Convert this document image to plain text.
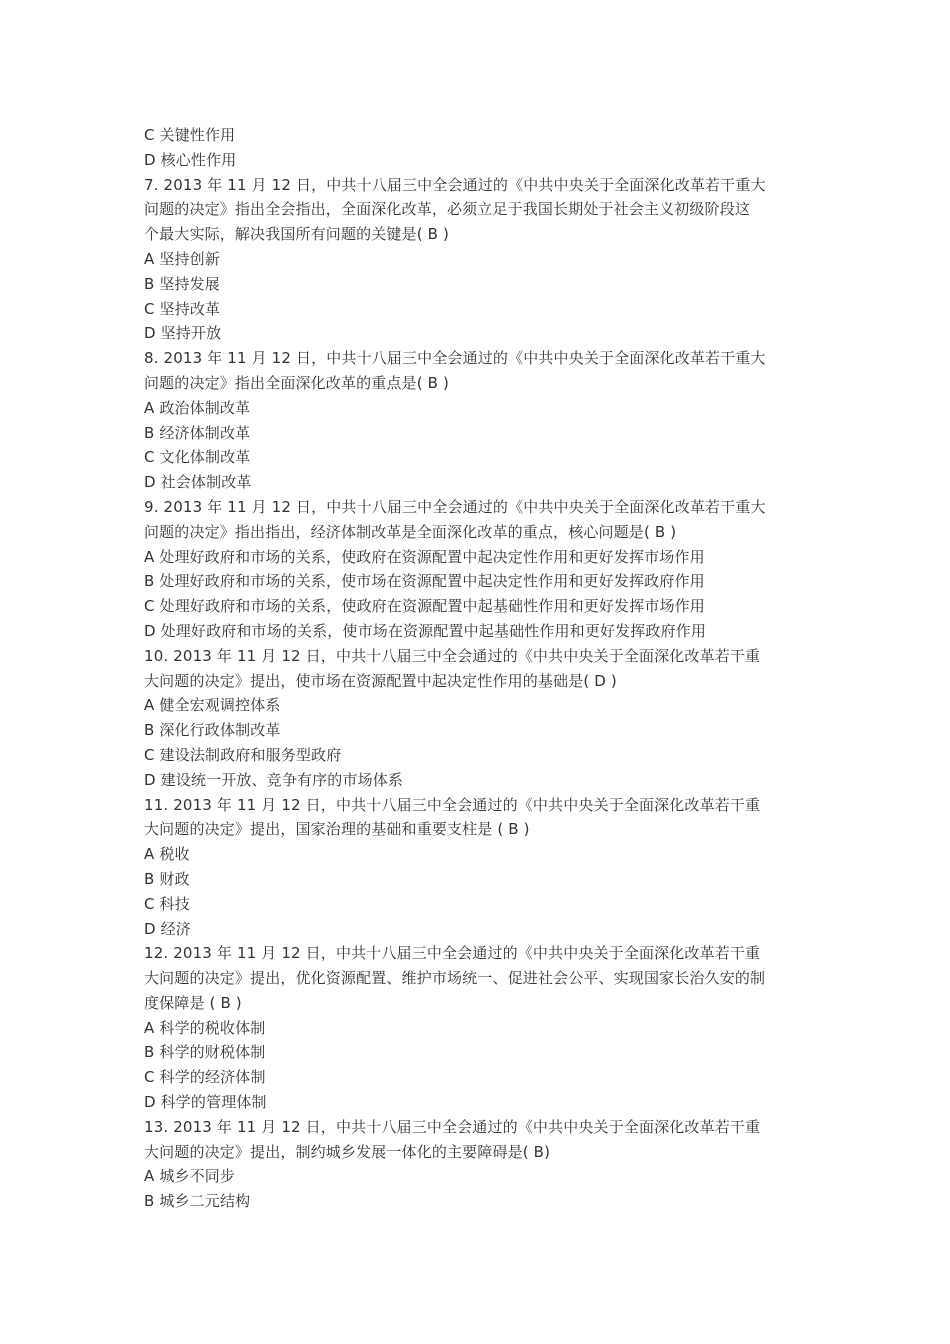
C 关键性作用
D 核心性作用
7. 2013 年 11 月 12 日，中共十八届三中全会通过的《中共中央关于全面深化改革若干重大
问题的决定》指出全会指出，全面深化改革，必须立足于我国长期处于社会主义初级阶段这
个最大实际，解决我国所有问题的关键是( B )
A 坚持创新
B 坚持发展
C 坚持改革
D 坚持开放
8. 2013 年 11 月 12 日，中共十八届三中全会通过的《中共中央关于全面深化改革若干重大
问题的决定》指出全面深化改革的重点是( B )
A 政治体制改革
B 经济体制改革
C 文化体制改革
D 社会体制改革
9. 2013 年 11 月 12 日，中共十八届三中全会通过的《中共中央关于全面深化改革若干重大
问题的决定》指出指出，经济体制改革是全面深化改革的重点，核心问题是( B )
A 处理好政府和市场的关系，使政府在资源配置中起决定性作用和更好发挥市场作用
B 处理好政府和市场的关系，使市场在资源配置中起决定性作用和更好发挥政府作用
C 处理好政府和市场的关系，使政府在资源配置中起基础性作用和更好发挥市场作用
D 处理好政府和市场的关系，使市场在资源配置中起基础性作用和更好发挥政府作用
10. 2013 年 11 月 12 日，中共十八届三中全会通过的《中共中央关于全面深化改革若干重
大问题的决定》提出，使市场在资源配置中起决定性作用的基础是( D )
A 健全宏观调控体系
B 深化行政体制改革
C 建设法制政府和服务型政府
D 建设统一开放、竞争有序的市场体系
11. 2013 年 11 月 12 日，中共十八届三中全会通过的《中共中央关于全面深化改革若干重
大问题的决定》提出，国家治理的基础和重要支柱是 ( B )
A 税收
B 财政
C 科技
D 经济
12. 2013 年 11 月 12 日，中共十八届三中全会通过的《中共中央关于全面深化改革若干重
大问题的决定》提出，优化资源配置、维护市场统一、促进社会公平、实现国家长治久安的制
度保障是 ( B )
A 科学的税收体制
B 科学的财税体制
C 科学的经济体制
D 科学的管理体制
13. 2013 年 11 月 12 日，中共十八届三中全会通过的《中共中央关于全面深化改革若干重
大问题的决定》提出，制约城乡发展一体化的主要障碍是( B)
A 城乡不同步
B 城乡二元结构
